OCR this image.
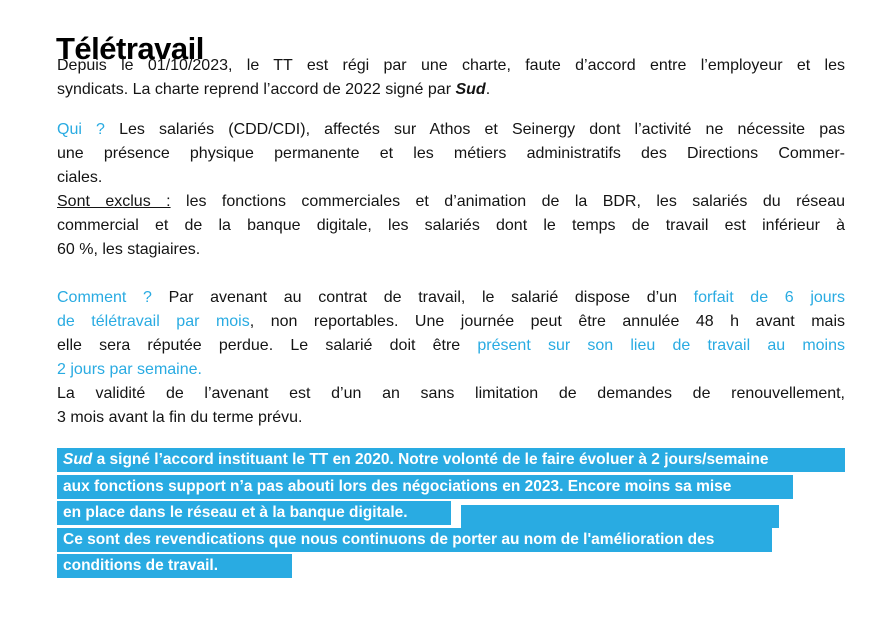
Télétravail
Depuis le 01/10/2023, le TT est régi par une charte, faute d’accord entre l’employeur et les
syndicats. La charte reprend l’accord de 2022 signé par Sud.
Qui ? Les salariés (CDD/CDI), affectés sur Athos et Seinergy dont l’activité ne nécessite pas
une présence physique permanente et les métiers administratifs des Directions Commer-
ciales.
Sont exclus : les fonctions commerciales et d’animation de la BDR, les salariés du réseau
commercial et de la banque digitale, les salariés dont le temps de travail est inférieur à
60 %, les stagiaires.
Comment ? Par avenant au contrat de travail, le salarié dispose d’un forfait de 6 jours
de télétravail par mois, non reportables. Une journée peut être annulée 48 h avant mais
elle sera réputée perdue. Le salarié doit être présent sur son lieu de travail au moins
2 jours par semaine.
La validité de l’avenant est d’un an sans limitation de demandes de renouvellement,
3 mois avant la fin du terme prévu.
Sud a signé l’accord instituant le TT en 2020. Notre volonté de le faire évoluer à 2 jours/semaine
aux fonctions support n’a pas abouti lors des négociations en 2023. Encore moins sa mise
en place dans le réseau et à la banque digitale.
Ce sont des revendications que nous continuons de porter au nom de l'amélioration des
conditions de travail.
